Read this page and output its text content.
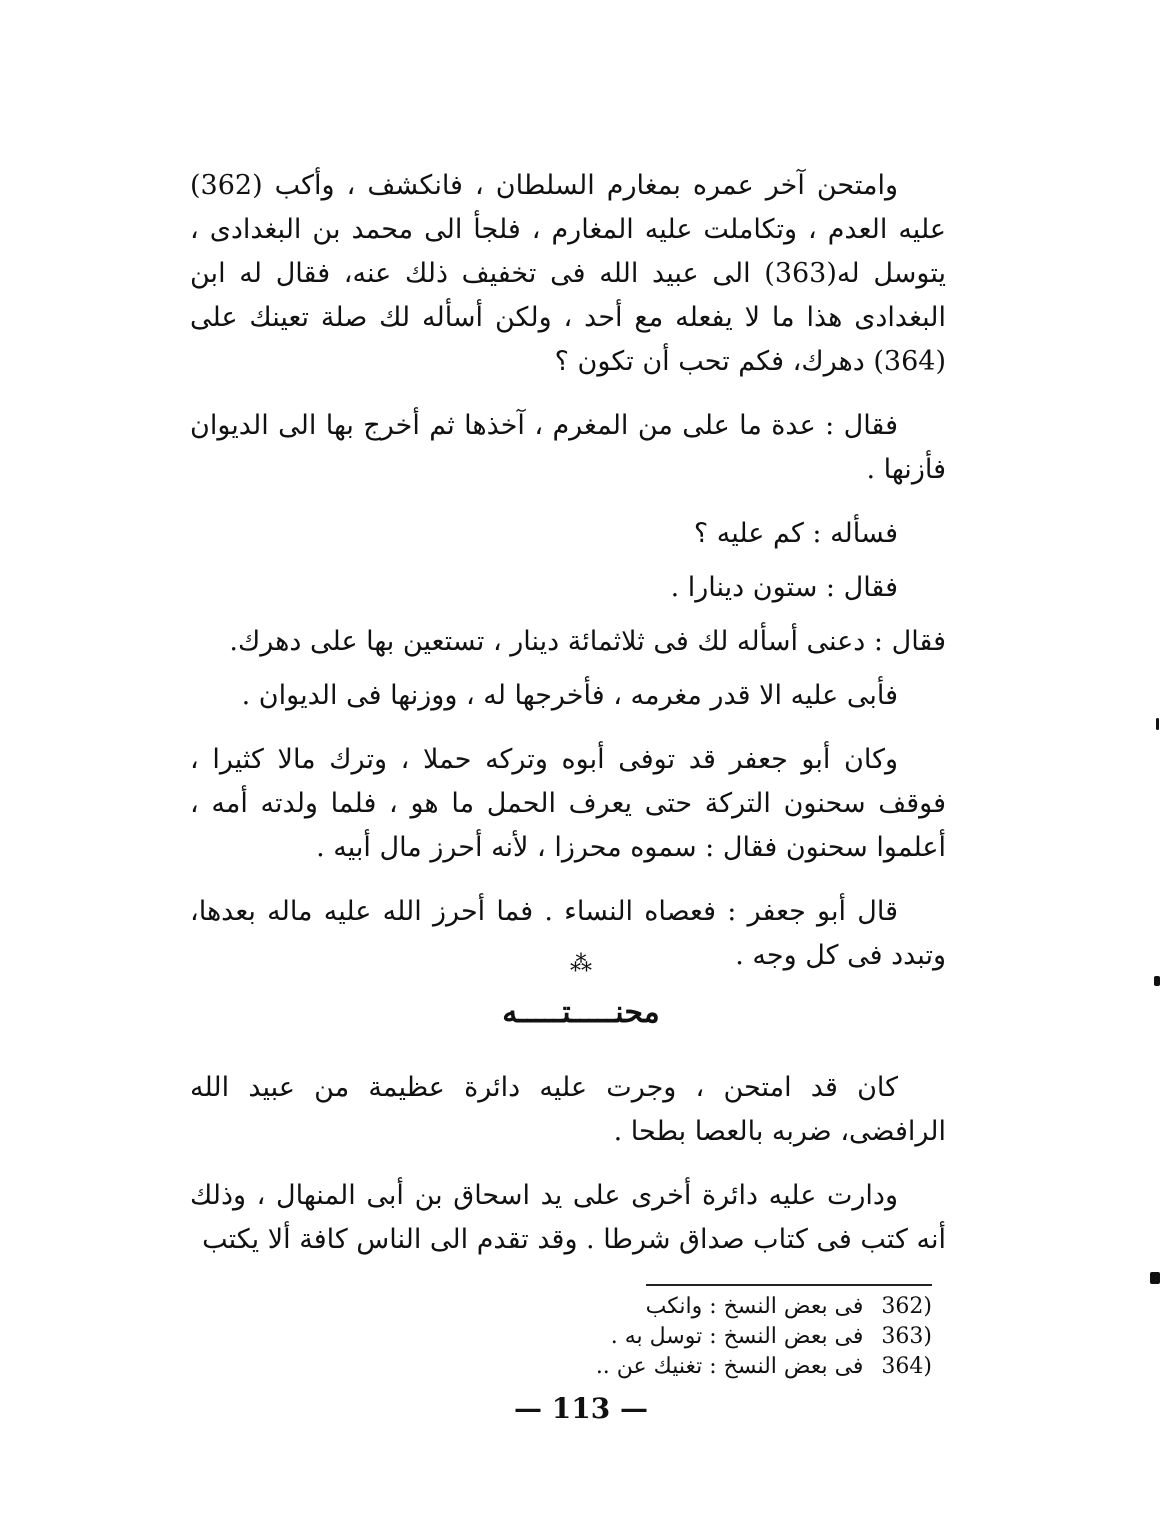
وامتحن آخر عمره بمغارم السلطان ، فانكشف ، وأكب (362) عليه العدم ، وتكاملت عليه المغارم ، فلجأ الى محمد بن البغدادى ، يتوسل له(363) الى عبيد الله فى تخفيف ذلك عنه، فقال له ابن البغدادى هذا ما لا يفعله مع أحد ، ولكن أسأله لك صلة تعينك على (364) دهرك، فكم تحب أن تكون ؟

فقال : عدة ما على من المغرم ، آخذها ثم أخرج بها الى الديوان فأزنها .

فسأله : كم عليه ؟

فقال : ستون دينارا .

فقال : دعنى أسأله لك فى ثلاثمائة دينار ، تستعين بها على دهرك.

فأبى عليه الا قدر مغرمه ، فأخرجها له ، ووزنها فى الديوان .

وكان أبو جعفر قد توفى أبوه وتركه حملا ، وترك مالا كثيرا ، فوقف سحنون التركة حتى يعرف الحمل ما هو ، فلما ولدته أمه ، أعلموا سحنون فقال : سموه محرزا ، لأنه أحرز مال أبيه .

قال أبو جعفر : فعصاه النساء . فما أحرز الله عليه ماله بعدها، وتبدد فى كل وجه .

⁂
محنـــــتـــــه

كان قد امتحن ، وجرت عليه دائرة عظيمة من عبيد الله الرافضى، ضربه بالعصا بطحا .

ودارت عليه دائرة أخرى على يد اسحاق بن أبى المنهال ، وذلك أنه كتب فى كتاب صداق شرطا . وقد تقدم الى الناس كافة ألا يكتب

362)
فى بعض النسخ : وانكب
363)
فى بعض النسخ : توسل به .
364)
فى بعض النسخ : تغنيك عن ..
— 113 —
